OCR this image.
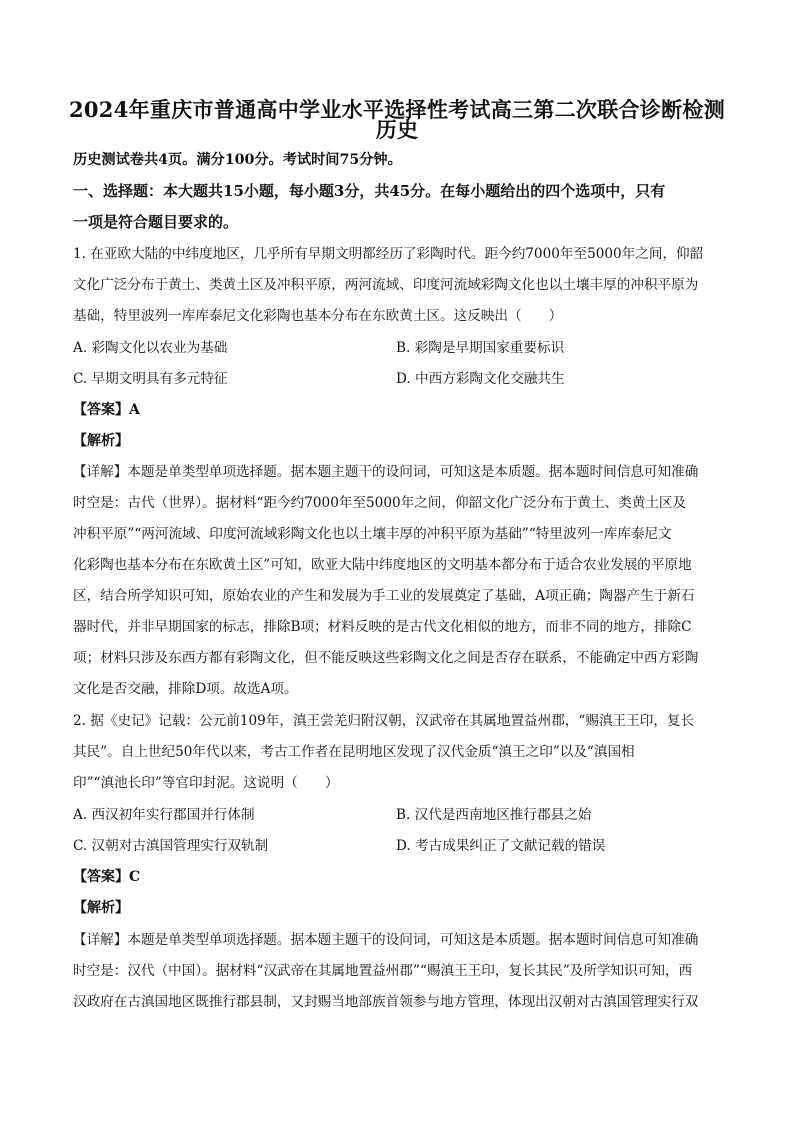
2024年重庆市普通高中学业水平选择性考试高三第二次联合诊断检测
历史
历史测试卷共4页。满分100分。考试时间75分钟。
一、选择题：本大题共15小题，每小题3分，共45分。在每小题给出的四个选项中，只有
一项是符合题目要求的。
1. 在亚欧大陆的中纬度地区，几乎所有早期文明都经历了彩陶时代。距今约7000年至5000年之间，仰韶
文化广泛分布于黄土、类黄土区及冲积平原，两河流域、印度河流域彩陶文化也以土壤丰厚的冲积平原为
基础，特里波列一库库泰尼文化彩陶也基本分布在东欧黄土区。这反映出（　　）
A. 彩陶文化以农业为基础	B. 彩陶是早期国家重要标识
C. 早期文明具有多元特征	D. 中西方彩陶文化交融共生
【答案】A
【解析】
【详解】本题是单类型单项选择题。据本题主题干的设问词，可知这是本质题。据本题时间信息可知准确
时空是：古代（世界）。据材料“距今约7000年至5000年之间，仰韶文化广泛分布于黄土、类黄土区及
冲积平原”“两河流域、印度河流域彩陶文化也以土壤丰厚的冲积平原为基础”“特里波列一库库泰尼文
化彩陶也基本分布在东欧黄土区”可知，欧亚大陆中纬度地区的文明基本都分布于适合农业发展的平原地
区，结合所学知识可知，原始农业的产生和发展为手工业的发展奠定了基础，A项正确；陶器产生于新石
器时代，并非早期国家的标志，排除B项；材料反映的是古代文化相似的地方，而非不同的地方，排除C
项；材料只涉及东西方都有彩陶文化，但不能反映这些彩陶文化之间是否存在联系，不能确定中西方彩陶
文化是否交融，排除D项。故选A项。
2. 据《史记》记载：公元前109年，滇王尝羌归附汉朝，汉武帝在其属地置益州郡，“赐滇王王印，复长
其民”。自上世纪50年代以来，考古工作者在昆明地区发现了汉代金质“滇王之印”以及“滇国相
印”“滇池长印”等官印封泥。这说明（　　）
A. 西汉初年实行郡国并行体制	B. 汉代是西南地区推行郡县之始
C. 汉朝对古滇国管理实行双轨制	D. 考古成果纠正了文献记载的错误
【答案】C
【解析】
【详解】本题是单类型单项选择题。据本题主题干的设问词，可知这是本质题。据本题时间信息可知准确
时空是：汉代（中国）。据材料“汉武帝在其属地置益州郡”“赐滇王王印，复长其民”及所学知识可知，西
汉政府在古滇国地区既推行郡县制，又封赐当地部族首领参与地方管理，体现出汉朝对古滇国管理实行双
